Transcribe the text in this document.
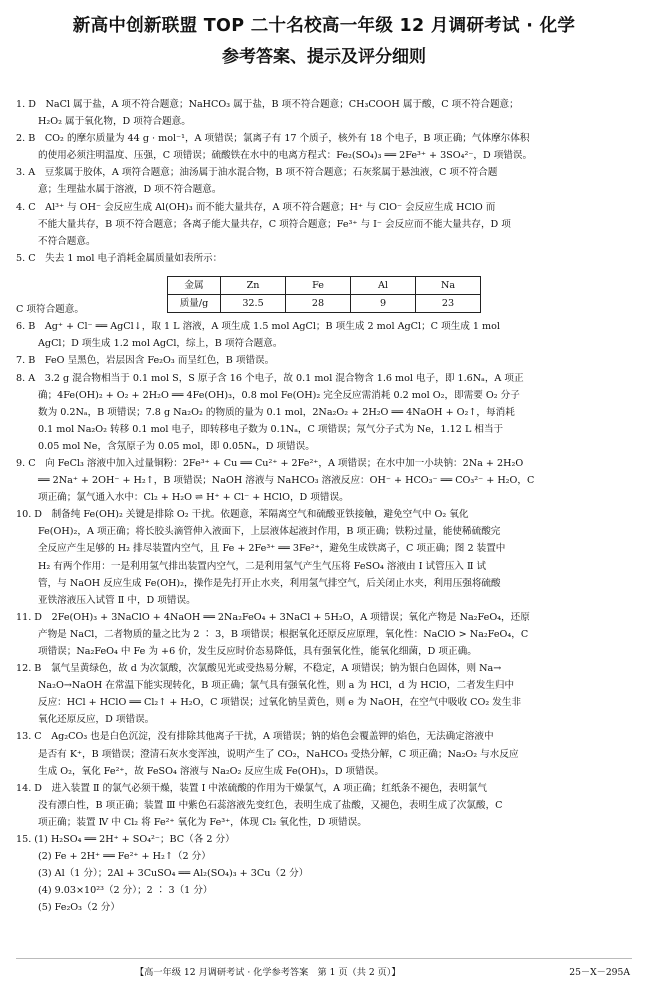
新高中创新联盟 TOP 二十名校高一年级 12 月调研考试 · 化学
参考答案、提示及评分细则
1. D　NaCl 属于盐，A 项不符合题意；NaHCO₃ 属于盐，B 项不符合题意；CH₃COOH 属于酸，C 项不符合题意；
H₂O₂ 属于氧化物，D 项符合题意。
2. B　CO₂ 的摩尔质量为 44 g · mol⁻¹，A 项错误；氯离子有 17 个质子，核外有 18 个电子，B 项正确；气体摩尔体积
的使用必须注明温度、压强，C 项错误；硫酸铁在水中的电离方程式：Fe₂(SO₄)₃ ══ 2Fe³⁺ + 3SO₄²⁻，D 项错误。
3. A　豆浆属于胶体，A 项符合题意；油汤属于油水混合物，B 项不符合题意；石灰浆属于悬浊液，C 项不符合题
意；生理盐水属于溶液，D 项不符合题意。
4. C　Al³⁺ 与 OH⁻ 会反应生成 Al(OH)₃ 而不能大量共存，A 项不符合题意；H⁺ 与 ClO⁻ 会反应生成 HClO 而
不能大量共存，B 项不符合题意；各离子能大量共存，C 项符合题意；Fe³⁺ 与 I⁻ 会反应而不能大量共存，D 项
不符合题意。
5. C　失去 1 mol 电子消耗金属质量如表所示：
C 项符合题意。
6. B　Ag⁺ + Cl⁻ ══ AgCl↓，取 1 L 溶液，A 项生成 1.5 mol AgCl；B 项生成 2 mol AgCl；C 项生成 1 mol
AgCl；D 项生成 1.2 mol AgCl，综上，B 项符合题意。
7. B　FeO 呈黑色，岩层因含 Fe₂O₃ 而呈红色，B 项错误。
8. A　3.2 g 混合物相当于 0.1 mol S，S 原子含 16 个电子，故 0.1 mol 混合物含 1.6 mol 电子，即 1.6Nₐ，A 项正
确；4Fe(OH)₂ + O₂ + 2H₂O ══ 4Fe(OH)₃，0.8 mol Fe(OH)₂ 完全反应需消耗 0.2 mol O₂，即需要 O₂ 分子
数为 0.2Nₐ，B 项错误；7.8 g Na₂O₂ 的物质的量为 0.1 mol，2Na₂O₂ + 2H₂O ══ 4NaOH + O₂↑，每消耗
0.1 mol Na₂O₂ 转移 0.1 mol 电子，即转移电子数为 0.1Nₐ，C 项错误；氖气分子式为 Ne，1.12 L 相当于
0.05 mol Ne，含氖原子为 0.05 mol，即 0.05Nₐ，D 项错误。
9. C　向 FeCl₃ 溶液中加入过量铜粉：2Fe³⁺ + Cu ══ Cu²⁺ + 2Fe²⁺，A 项错误；在水中加一小块钠：2Na + 2H₂O
══ 2Na⁺ + 2OH⁻ + H₂↑，B 项错误；NaOH 溶液与 NaHCO₃ 溶液反应：OH⁻ + HCO₃⁻ ══ CO₃²⁻ + H₂O，C
项正确；氯气通入水中：Cl₂ + H₂O ⇌ H⁺ + Cl⁻ + HClO，D 项错误。
10. D　制备纯 Fe(OH)₂ 关键是排除 O₂ 干扰。依题意，苯隔离空气和硫酸亚铁接触，避免空气中 O₂ 氧化
Fe(OH)₂，A 项正确；将长胶头滴管伸入液面下，上层液体起液封作用，B 项正确；铁粉过量，能使稀硫酸完
全反应产生足够的 H₂ 排尽装置内空气，且 Fe + 2Fe³⁺ ══ 3Fe²⁺，避免生成铁离子，C 项正确；图 2 装置中
H₂ 有两个作用：一是利用氢气排出装置内空气，二是利用氢气产生气压将 FeSO₄ 溶液由 Ⅰ 试管压入 Ⅱ 试
管，与 NaOH 反应生成 Fe(OH)₂，操作是先打开止水夹，利用氢气排空气，后关闭止水夹，利用压强将硫酸
亚铁溶液压入试管 Ⅱ 中，D 项错误。
11. D　2Fe(OH)₃ + 3NaClO + 4NaOH ══ 2Na₂FeO₄ + 3NaCl + 5H₂O，A 项错误；氧化产物是 Na₂FeO₄，还原
产物是 NaCl，二者物质的量之比为 2 ∶ 3，B 项错误；根据氧化还原反应原理，氧化性：NaClO > Na₂FeO₄，C
项错误；Na₂FeO₄ 中 Fe 为 +6 价，发生反应时价态易降低，具有强氧化性，能氧化细菌，D 项正确。
12. B　氯气呈黄绿色，故 d 为次氯酸，次氯酸见光或受热易分解，不稳定，A 项错误；钠为银白色固体，则 Na→
Na₂O→NaOH 在常温下能实现转化，B 项正确；氯气具有强氧化性，则 a 为 HCl，d 为 HClO，二者发生归中
反应：HCl + HClO ══ Cl₂↑ + H₂O，C 项错误；过氧化钠呈黄色，则 e 为 NaOH，在空气中吸收 CO₂ 发生非
氧化还原反应，D 项错误。
13. C　Ag₂CO₃ 也是白色沉淀，没有排除其他离子干扰，A 项错误；钠的焰色会覆盖钾的焰色，无法确定溶液中
是否有 K⁺，B 项错误；澄清石灰水变浑浊，说明产生了 CO₂，NaHCO₃ 受热分解，C 项正确；Na₂O₂ 与水反应
生成 O₂，氧化 Fe²⁺，故 FeSO₄ 溶液与 Na₂O₂ 反应生成 Fe(OH)₃，D 项错误。
14. D　进入装置 Ⅱ 的氯气必须干燥，装置 Ⅰ 中浓硫酸的作用为干燥氯气，A 项正确；红纸条不褪色，表明氯气
没有漂白性，B 项正确；装置 Ⅲ 中紫色石蕊溶液先变红色，表明生成了盐酸，又褪色，表明生成了次氯酸，C
项正确；装置 Ⅳ 中 Cl₂ 将 Fe²⁺ 氧化为 Fe³⁺，体现 Cl₂ 氧化性，D 项错误。
15. (1) H₂SO₄ ══ 2H⁺ + SO₄²⁻；BC（各 2 分）
(2) Fe + 2H⁺ ══ Fe²⁺ + H₂↑（2 分）
(3) Al（1 分）；2Al + 3CuSO₄ ══ Al₂(SO₄)₃ + 3Cu（2 分）
(4) 9.03×10²³（2 分）；2 ∶ 3（1 分）
(5) Fe₂O₃（2 分）
金属	Zn	Fe	Al	Na
质量/g	32.5	28	9	23
【高一年级 12 月调研考试 · 化学参考答案　第 1 页（共 2 页）】	25－X－295A
